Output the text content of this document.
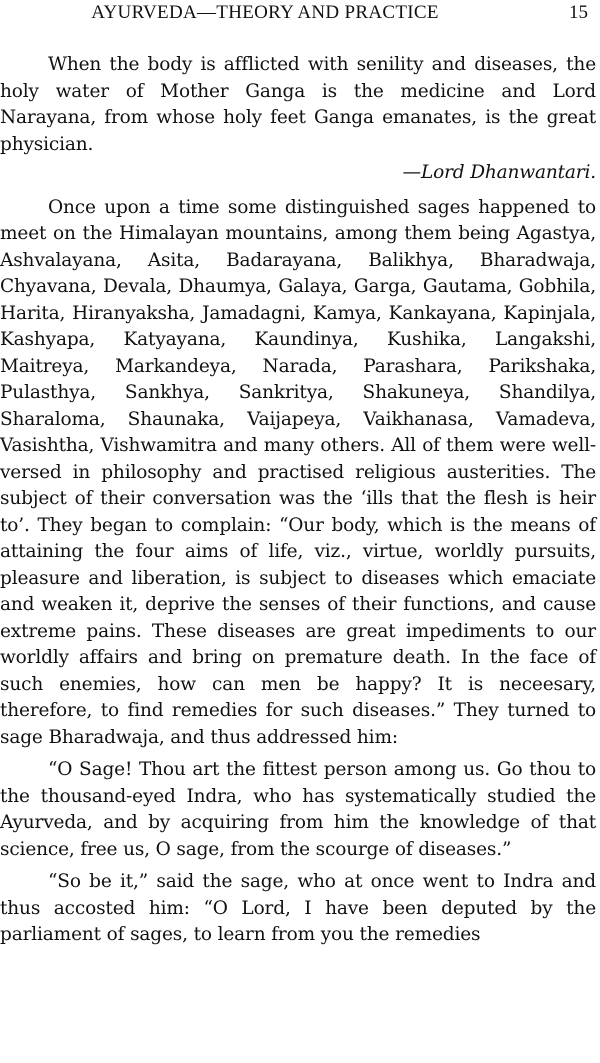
AYURVEDA—THEORY AND PRACTICE	15

When the body is afflicted with senility and diseases, the holy water of Mother Ganga is the medicine and Lord Narayana, from whose holy feet Ganga emanates, is the great physician.

—Lord Dhanwantari.

Once upon a time some distinguished sages happened to meet on the Himalayan mountains, among them being Agastya, Ashvalayana, Asita, Badarayana, Balikhya, Bharadwaja, Chyavana, Devala, Dhaumya, Galaya, Garga, Gautama, Gobhila, Harita, Hiranyaksha, Jamadagni, Kamya, Kankayana, Kapinjala, Kashyapa, Katyayana, Kaundinya, Kushika, Langakshi, Maitreya, Markandeya, Narada, Parashara, Parikshaka, Pulasthya, Sankhya, Sankritya, Shakuneya, Shandilya, Sharaloma, Shaunaka, Vaijapeya, Vaikhanasa, Vamadeva, Vasishtha, Vishwamitra and many others. All of them were well-versed in philosophy and practised religious austerities. The subject of their conversation was the ‘ills that the flesh is heir to’. They began to complain: “Our body, which is the means of attaining the four aims of life, viz., virtue, worldly pursuits, pleasure and liberation, is subject to diseases which emaciate and weaken it, deprive the senses of their functions, and cause extreme pains. These diseases are great impediments to our worldly affairs and bring on premature death. In the face of such enemies, how can men be happy? It is neceesary, therefore, to find remedies for such diseases.” They turned to sage Bharadwaja, and thus addressed him:

“O Sage! Thou art the fittest person among us. Go thou to the thousand-eyed Indra, who has systematically studied the Ayurveda, and by acquiring from him the knowledge of that science, free us, O sage, from the scourge of diseases.”

“So be it,” said the sage, who at once went to Indra and thus accosted him: “O Lord, I have been deputed by the parliament of sages, to learn from you the remedies
